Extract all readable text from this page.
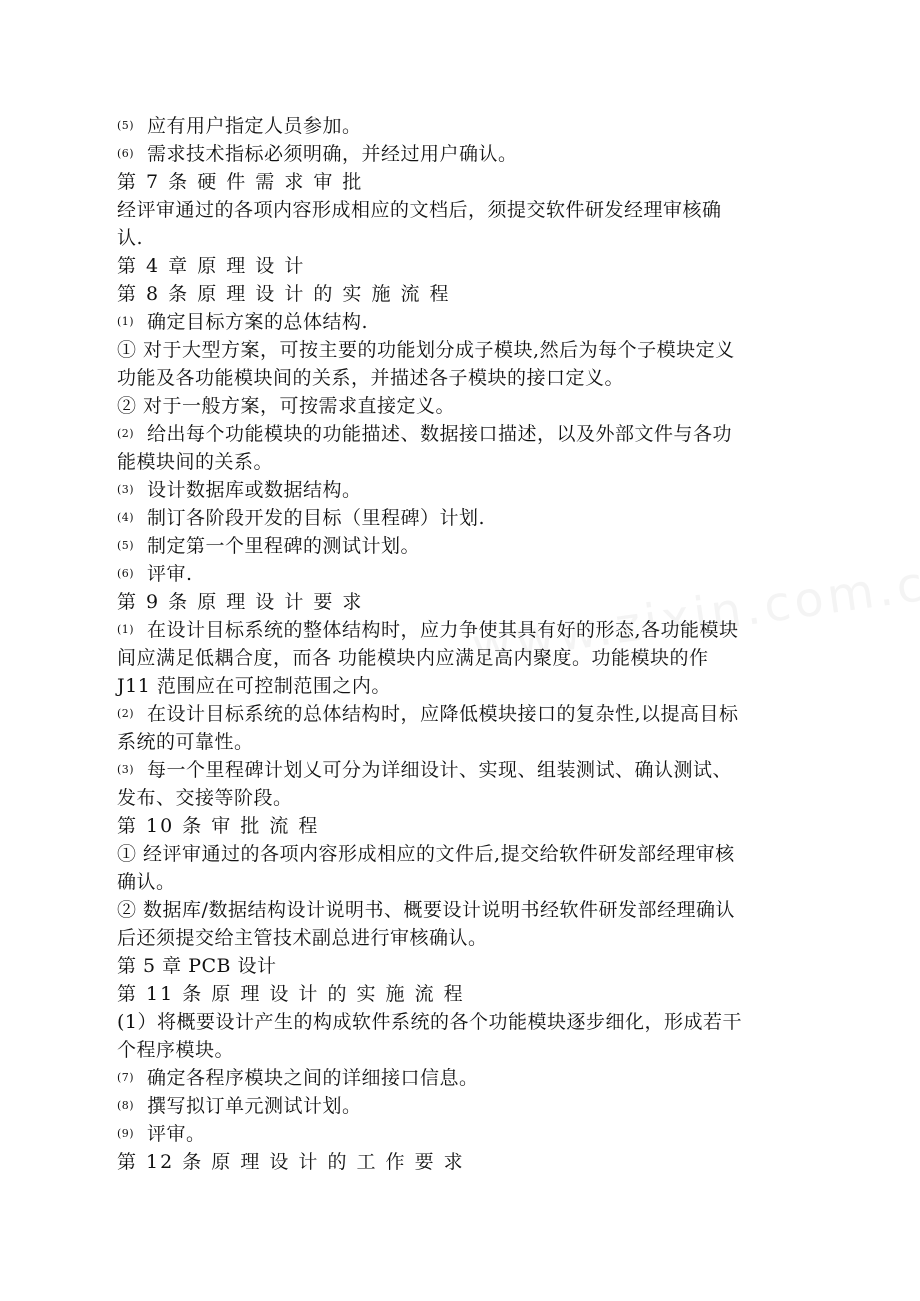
(5) 应有用户指定人员参加。
(6) 需求技术指标必须明确，并经过用户确认。
第 7 条 硬 件 需 求 审 批
经评审通过的各项内容形成相应的文档后，须提交软件研发经理审核确
认.
第 4 章 原 理 设 计
第 8 条 原 理 设 计 的 实 施 流 程
(1) 确定目标方案的总体结构.
① 对于大型方案，可按主要的功能划分成子模块,然后为每个子模块定义
功能及各功能模块间的关系，并描述各子模块的接口定义。
② 对于一般方案，可按需求直接定义。
(2) 给出每个功能模块的功能描述、数据接口描述，以及外部文件与各功
能模块间的关系。
(3) 设计数据库或数据结构。
(4) 制订各阶段开发的目标（里程碑）计划.
(5) 制定第一个里程碑的测试计划。
(6) 评审.
第 9 条 原 理 设 计 要 求
(1) 在设计目标系统的整体结构时，应力争使其具有好的形态,各功能模块
间应满足低耦合度，而各 功能模块内应满足高内聚度。功能模块的作
J11 范围应在可控制范围之内。
(2) 在设计目标系统的总体结构时，应降低模块接口的复杂性,以提高目标
系统的可靠性。
(3) 每一个里程碑计划乂可分为详细设计、实现、组装测试、确认测试、
发布、交接等阶段。
第 10 条 审 批 流 程
① 经评审通过的各项内容形成相应的文件后,提交给软件研发部经理审核
确认。
② 数据库/数据结构设计说明书、概要设计说明书经软件研发部经理确认
后还须提交给主管技术副总进行审核确认。
第 5 章 PCB 设计
第 11 条 原 理 设 计 的 实 施 流 程
(1）将概要设计产生的构成软件系统的各个功能模块逐步细化，形成若干
个程序模块。
(7) 确定各程序模块之间的详细接口信息。
(8) 撰写拟订单元测试计划。
(9) 评审。
第 12 条 原 理 设 计 的 工 作 要 求
